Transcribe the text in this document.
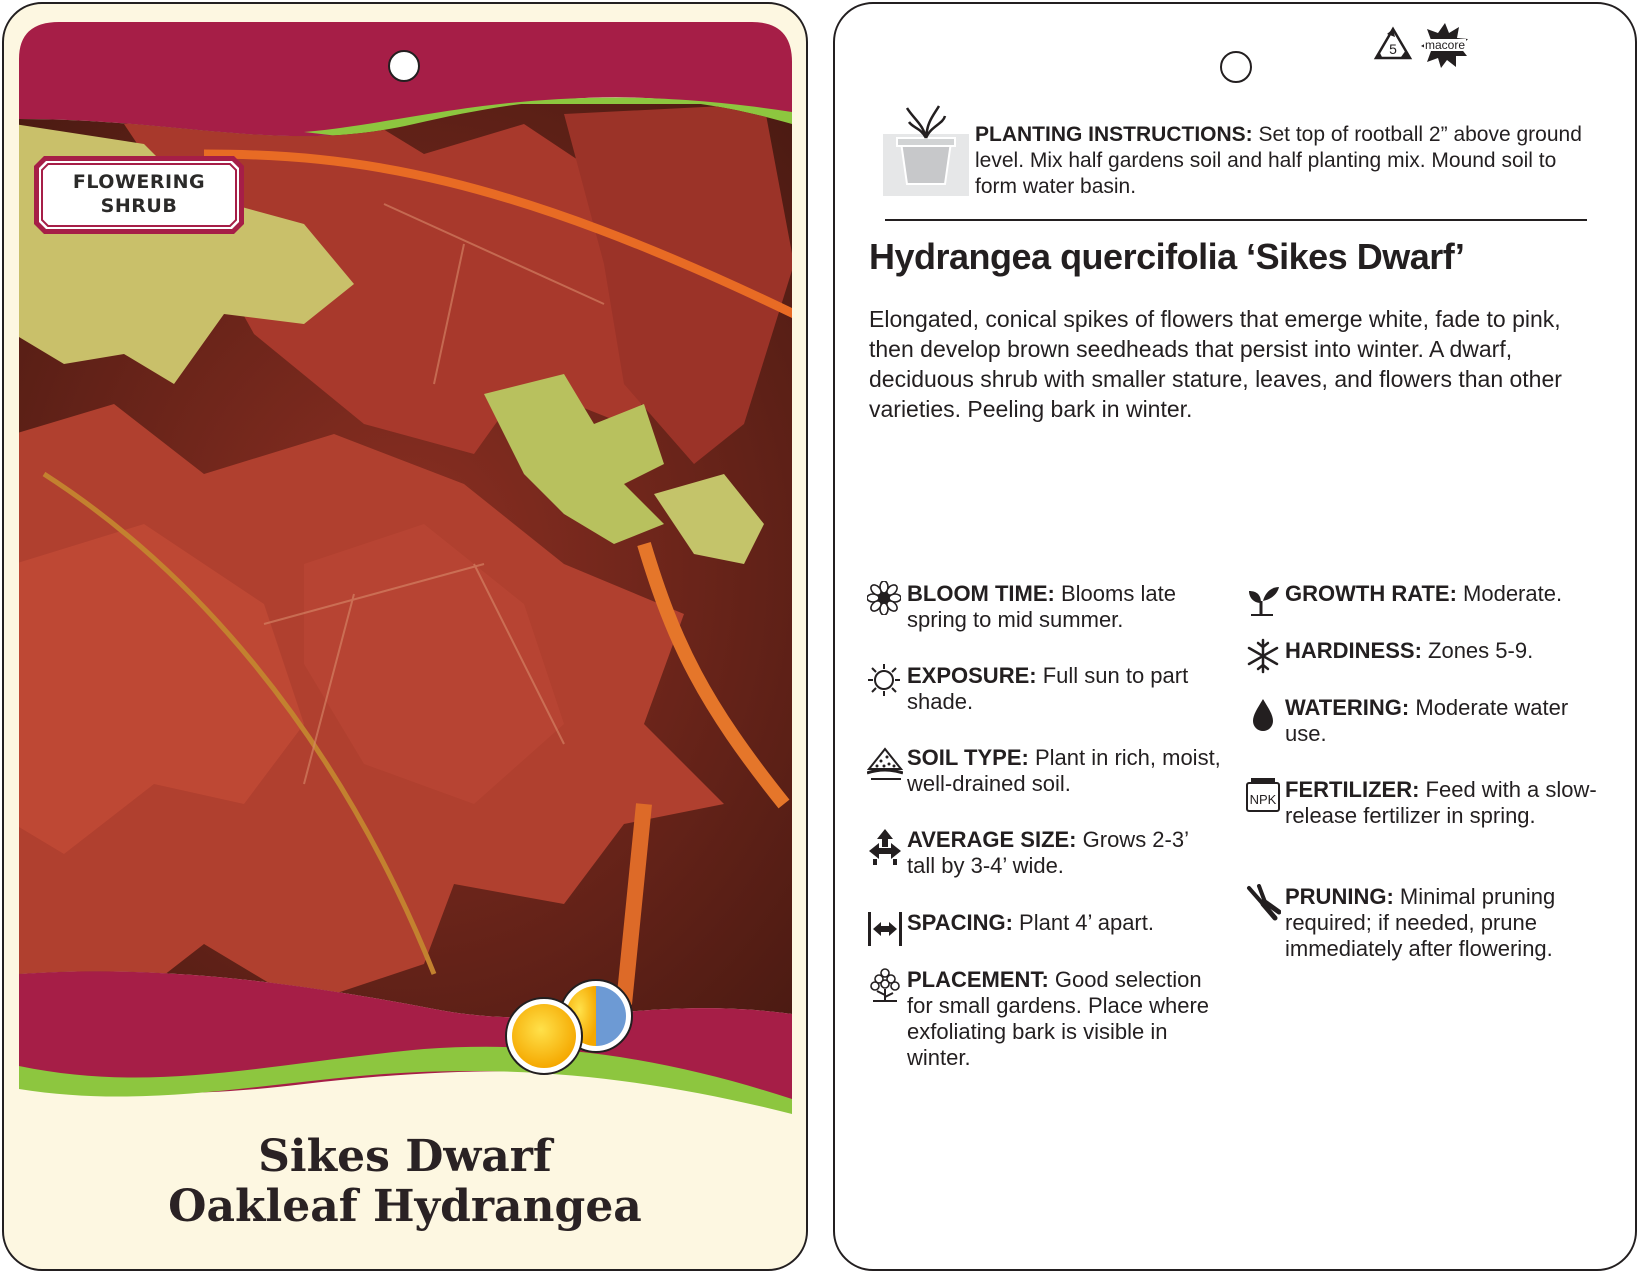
FLOWERING
SHRUB
Sikes Dwarf
Oakleaf Hydrangea
5 macore
PLANTING INSTRUCTIONS: Set top of rootball 2” above ground level. Mix half gardens soil and half planting mix. Mound soil to form water basin.
Hydrangea quercifolia ‘Sikes Dwarf’
Elongated, conical spikes of flowers that emerge white, fade to pink, then develop brown seedheads that persist into winter. A dwarf, deciduous shrub with smaller stature, leaves, and flowers than other varieties. Peeling bark in winter.
BLOOM TIME: Blooms late spring to mid summer.
EXPOSURE: Full sun to part shade.
SOIL TYPE: Plant in rich, moist, well-drained soil.
AVERAGE SIZE: Grows 2-3’ tall by 3-4’ wide.
SPACING: Plant 4’ apart.
PLACEMENT: Good selection for small gardens. Place where exfoliating bark is visible in winter.
GROWTH RATE: Moderate.
HARDINESS: Zones 5-9.
WATERING: Moderate water use.
NPK FERTILIZER: Feed with a slow-release fertilizer in spring.
PRUNING: Minimal pruning required; if needed, prune immediately after flowering.
